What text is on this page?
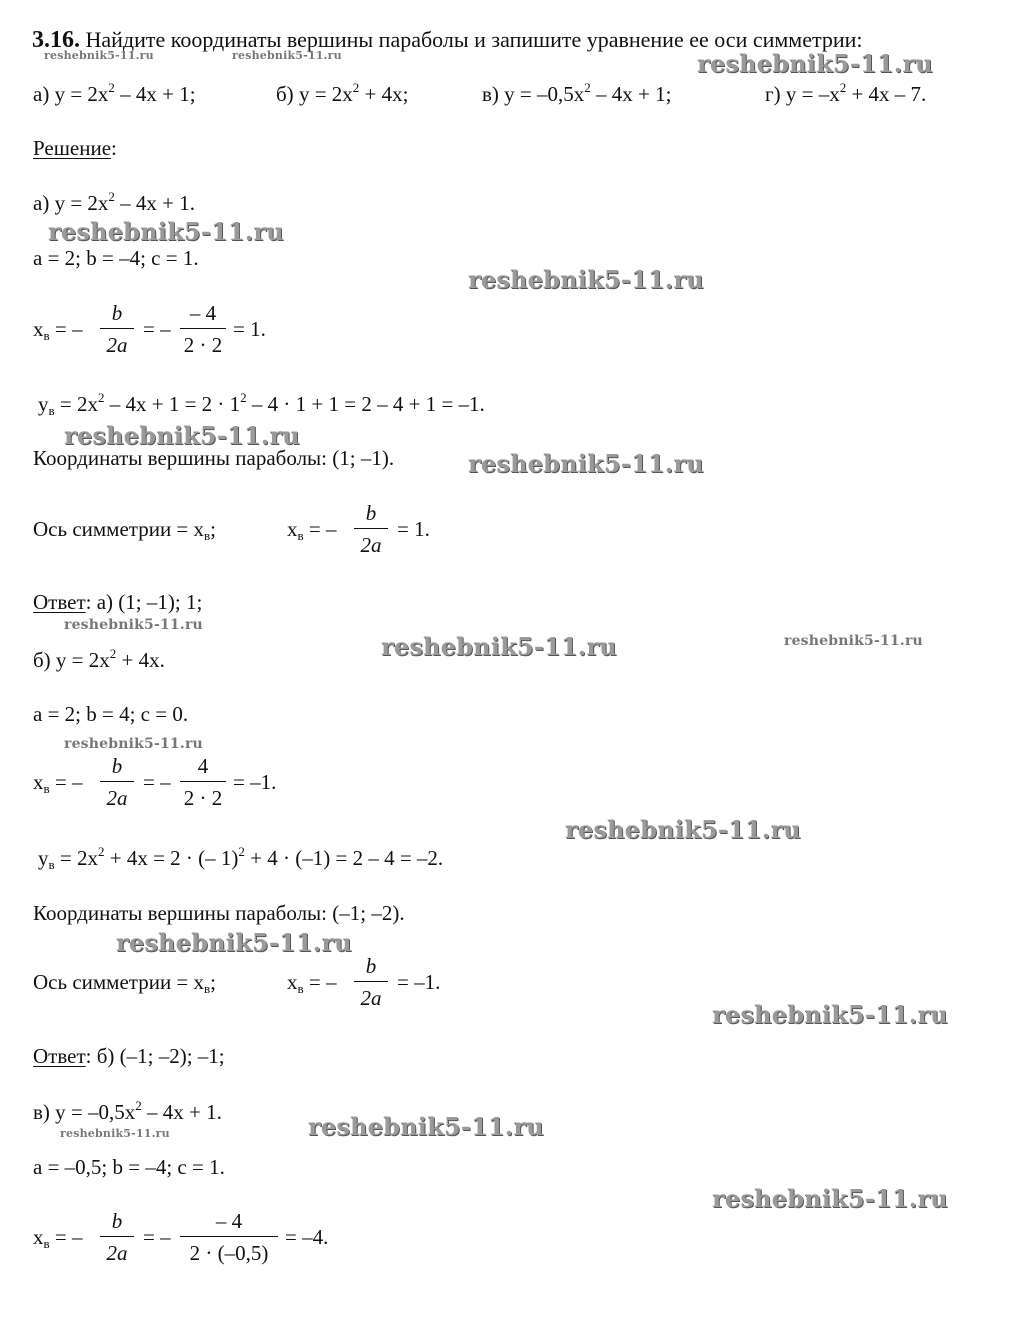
3.16. Найдите координаты вершины параболы и запишите уравнение ее оси симметрии:
а) $y = 2x^2 - 4x + 1$;	б) $y = 2x^2 + 4x$;	в) $y = -0,5x^2 - 4x + 1$;	г) $y = -x^2 + 4x - 7$.
Решение:
а) $y = 2x^2 - 4x + 1$.
a = 2; b = –4; c = 1.
$x_в$ = –
b
2a
= –
– 4
2 · 2
= 1.
$y_в = 2x^2 - 4x + 1 = 2 \cdot 1^2 - 4 \cdot 1 + 1 = 2 - 4 + 1 = -1$.
Координаты вершины параболы: (1; –1).
Ось симметрии = $x_в$;	$x_в$ = –
b
2a
= 1.
Ответ: а) (1; –1); 1;
б) $y = 2x^2 + 4x$.
a = 2; b = 4; c = 0.
$x_в$ = –
b
2a
= –
4
2 · 2
= –1.
$y_в = 2x^2 + 4x = 2$ · (– 1)$^2$ + 4 · (–1) = 2 – 4 = –2.
Координаты вершины параболы: (–1; –2).
Ось симметрии = $x_в$;	$x_в$ = –
b
2a
= –1.
Ответ: б) (–1; –2); –1;
в) $y = -0,5x^2 - 4x + 1$.
a = –0,5; b = –4; c = 1.
$x_в$ = –
b
2a
= –
– 4
2 · (–0,5)
= –4.
reshebnik5-11.ru	reshebnik5-11.ru	reshebnik5-11.ru
reshebnik5-11.ru
reshebnik5-11.ru
reshebnik5-11.ru
reshebnik5-11.ru
reshebnik5-11.ru
reshebnik5-11.ru	reshebnik5-11.ru
reshebnik5-11.ru
reshebnik5-11.ru
reshebnik5-11.ru
reshebnik5-11.ru
reshebnik5-11.ru
reshebnik5-11.ru
reshebnik5-11.ru
